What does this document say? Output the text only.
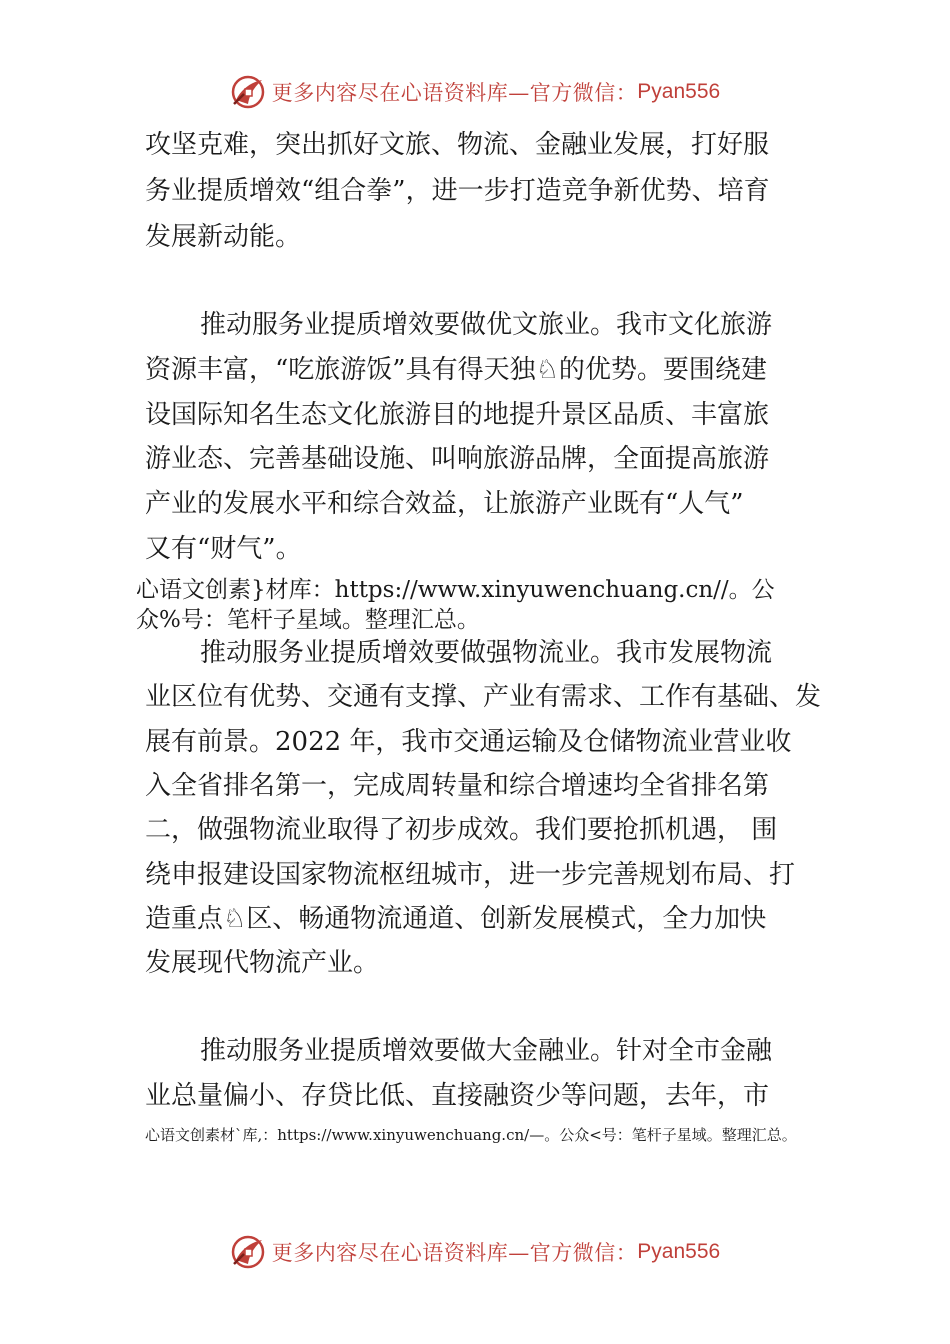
更多内容尽在心语资料库—官方微信： Pyan556
攻坚克难，突出抓好文旅、物流、金融业发展，打好服
务业提质增效“组合拳”，进一步打造竞争新优势、培育
发展新动能。
推动服务业提质增效要做优文旅业。我市文化旅游
资源丰富，“吃旅游饭”具有得天独♘的优势。要围绕建
设国际知名生态文化旅游目的地提升景区品质、丰富旅
游业态、完善基础设施、叫响旅游品牌，全面提高旅游
产业的发展水平和综合效益，让旅游产业既有“人气”
又有“财气”。
心语文创素}材库：https://www.xinyuwenchuang.cn//。公
众%号：笔杆子星域。整理汇总。
推动服务业提质增效要做强物流业。我市发展物流
业区位有优势、交通有支撑、产业有需求、工作有基础、发
展有前景。2022 年，我市交通运输及仓储物流业营业收
入全省排名第一，完成周转量和综合增速均全省排名第
二，做强物流业取得了初步成效。我们要抢抓机遇， 围
绕申报建设国家物流枢纽城市，进一步完善规划布局、打
造重点♘区、畅通物流通道、创新发展模式，全力加快
发展现代物流产业。
推动服务业提质增效要做大金融业。针对全市金融
业总量偏小、存贷比低、直接融资少等问题，去年，市
心语文创素材`库,：https://www.xinyuwenchuang.cn/—。公众<号：笔杆子星域。整理汇总。
更多内容尽在心语资料库—官方微信： Pyan556
